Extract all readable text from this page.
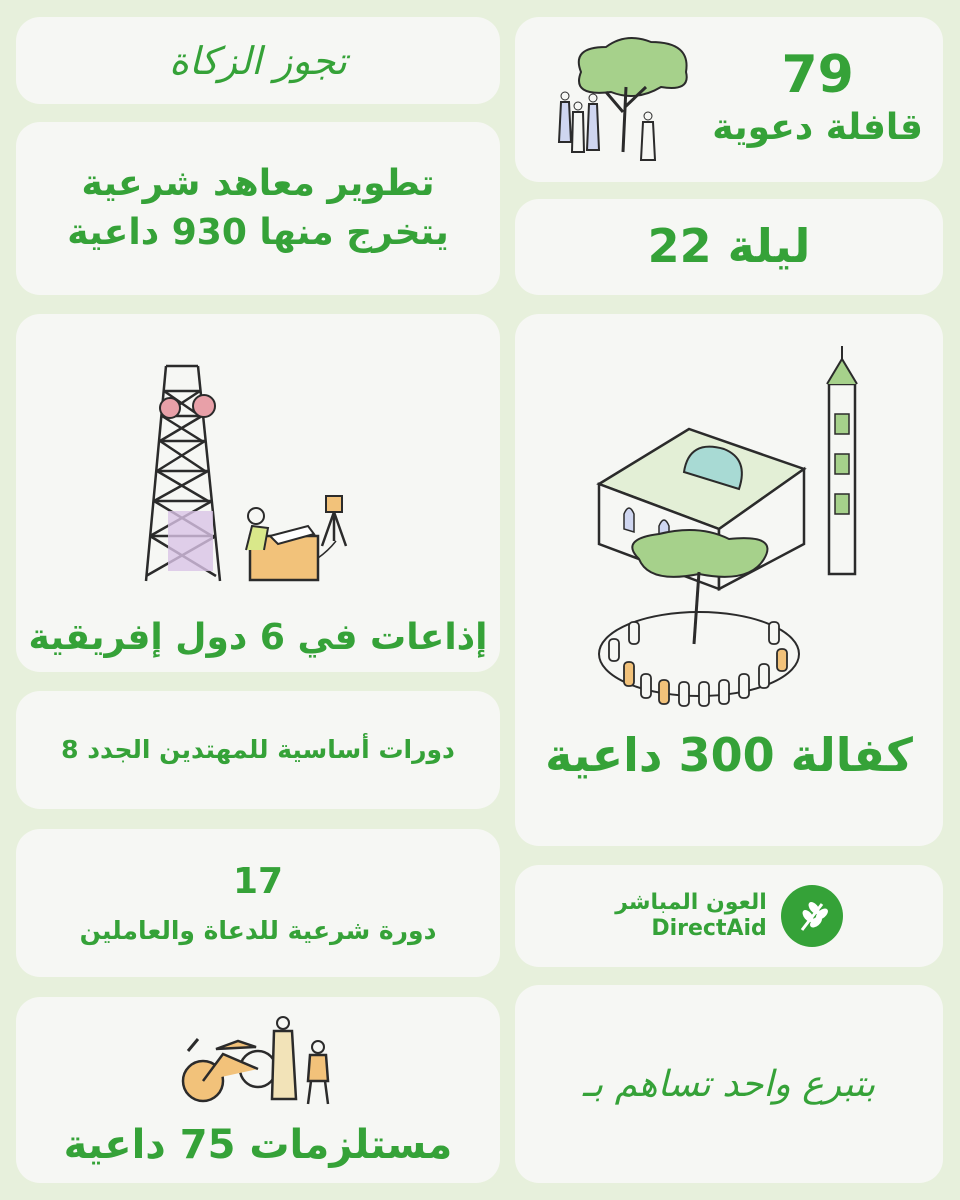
تجوز الزكاة
تطوير معاهد شرعية
يتخرج منها 930 داعية
إذاعات في 6 دول إفريقية
8 دورات أساسية للمهتدين الجدد
17
دورة شرعية للدعاة والعاملين
مستلزمات 75 داعية
79
قافلة دعوية
ليلة 22
كفالة 300 داعية
العون المباشر
DirectAid
بتبرع واحد تساهم بـ
